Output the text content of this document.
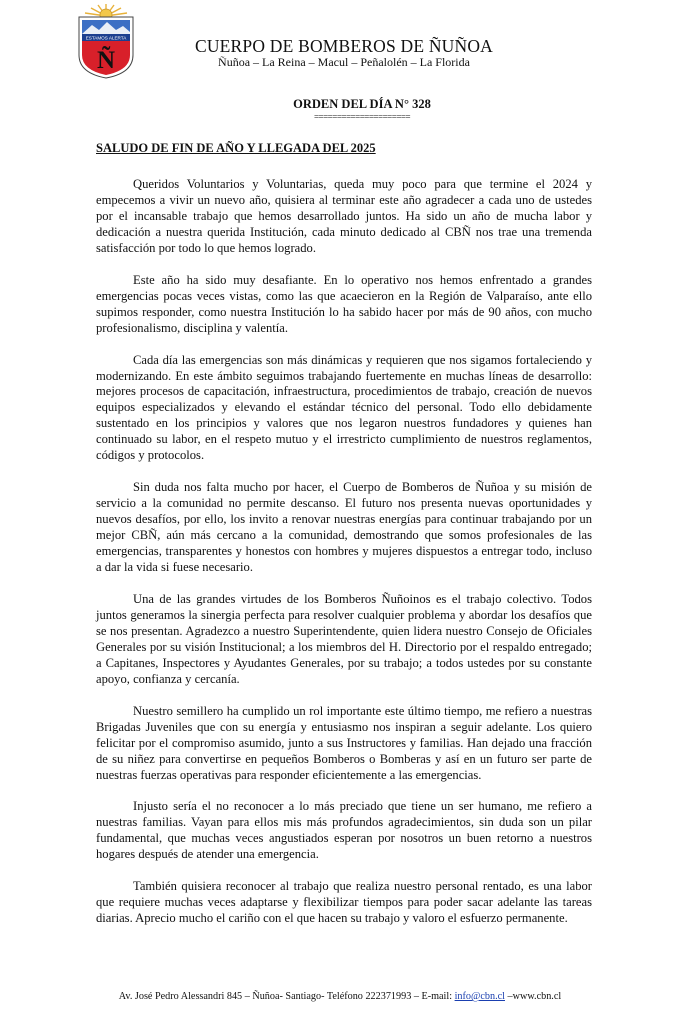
ESTAMOS ALERTA
Ñ
CUERPO DE BOMBEROS DE ÑUÑOA
Ñuñoa – La Reina – Macul – Peñalolén – La Florida
ORDEN DEL DÍA N° 328
=====================
SALUDO DE FIN DE AÑO Y LLEGADA DEL 2025

Queridos Voluntarios y Voluntarias, queda muy poco para que termine el 2024 y empecemos a vivir un nuevo año, quisiera al terminar este año agradecer a cada uno de ustedes por el incansable trabajo que hemos desarrollado juntos. Ha sido un año de mucha labor y dedicación a nuestra querida Institución, cada minuto dedicado al CBÑ nos trae una tremenda satisfacción por todo lo que hemos logrado.

Este año ha sido muy desafiante. En lo operativo nos hemos enfrentado a grandes emergencias pocas veces vistas, como las que acaecieron en la Región de Valparaíso, ante ello supimos responder, como nuestra Institución lo ha sabido hacer por más de 90 años, con mucho profesionalismo, disciplina y valentía.

Cada día las emergencias son más dinámicas y requieren que nos sigamos fortaleciendo y modernizando. En este ámbito seguimos trabajando fuertemente en muchas líneas de desarrollo: mejores procesos de capacitación, infraestructura, procedimientos de trabajo, creación de nuevos equipos especializados y elevando el estándar técnico del personal. Todo ello debidamente sustentado en los principios y valores que nos legaron nuestros fundadores y quienes han continuado su labor, en el respeto mutuo y el irrestricto cumplimiento de nuestros reglamentos, códigos y protocolos.

Sin duda nos falta mucho por hacer, el Cuerpo de Bomberos de Ñuñoa y su misión de servicio a la comunidad no permite descanso. El futuro nos presenta nuevas oportunidades y nuevos desafíos, por ello, los invito a renovar nuestras energías para continuar trabajando por un mejor CBÑ, aún más cercano a la comunidad, demostrando que somos profesionales de las emergencias, transparentes y honestos con hombres y mujeres dispuestos a entregar todo, incluso a dar la vida si fuese necesario.

Una de las grandes virtudes de los Bomberos Ñuñoinos es el trabajo colectivo. Todos juntos generamos la sinergia perfecta para resolver cualquier problema y abordar los desafíos que se nos presentan. Agradezco a nuestro Superintendente, quien lidera nuestro Consejo de Oficiales Generales por su visión Institucional; a los miembros del H. Directorio por el respaldo entregado; a Capitanes, Inspectores y Ayudantes Generales, por su trabajo; a todos ustedes por su constante apoyo, confianza y cercanía.

Nuestro semillero ha cumplido un rol importante este último tiempo, me refiero a nuestras Brigadas Juveniles que con su energía y entusiasmo nos inspiran a seguir adelante. Los quiero felicitar por el compromiso asumido, junto a sus Instructores y familias. Han dejado una fracción de su niñez para convertirse en pequeños Bomberos o Bomberas y así en un futuro ser parte de nuestras fuerzas operativas para responder eficientemente a las emergencias.

Injusto sería el no reconocer a lo más preciado que tiene un ser humano, me refiero a nuestras familias. Vayan para ellos mis más profundos agradecimientos, sin duda son un pilar fundamental, que muchas veces angustiados esperan por nosotros un buen retorno a nuestros hogares después de atender una emergencia.

También quisiera reconocer al trabajo que realiza nuestro personal rentado, es una labor que requiere muchas veces adaptarse y flexibilizar tiempos para poder sacar adelante las tareas diarias. Aprecio mucho el cariño con el que hacen su trabajo y valoro el esfuerzo permanente.

Av. José Pedro Alessandri 845 – Ñuñoa- Santiago- Teléfono 222371993 – E-mail: info@cbn.cl –www.cbn.cl
